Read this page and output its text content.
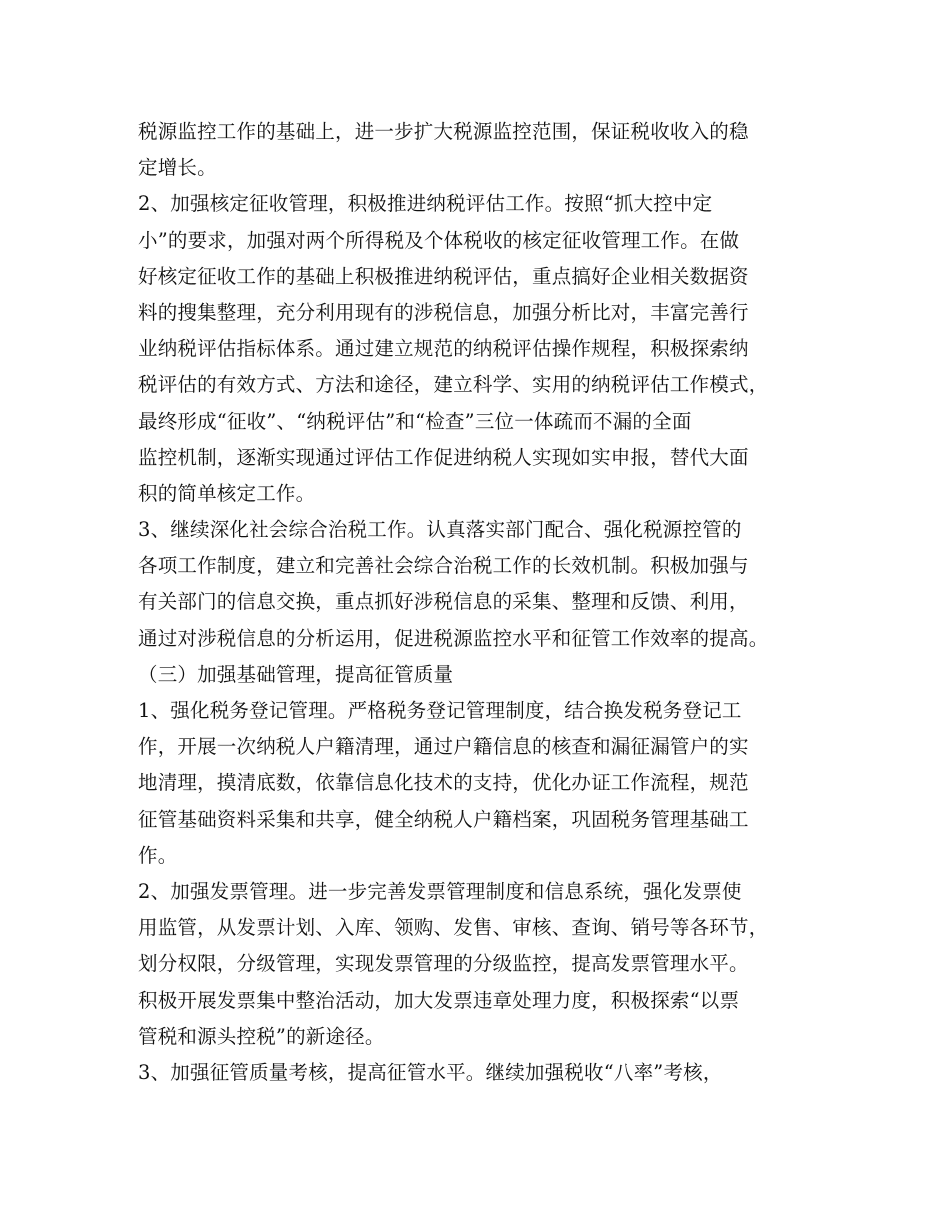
税源监控工作的基础上，进一步扩大税源监控范围，保证税收收入的稳
定增长。
2、加强核定征收管理，积极推进纳税评估工作。按照“抓大控中定
小”的要求，加强对两个所得税及个体税收的核定征收管理工作。在做
好核定征收工作的基础上积极推进纳税评估，重点搞好企业相关数据资
料的搜集整理，充分利用现有的涉税信息，加强分析比对，丰富完善行
业纳税评估指标体系。通过建立规范的纳税评估操作规程，积极探索纳
税评估的有效方式、方法和途径，建立科学、实用的纳税评估工作模式，
最终形成“征收”、“纳税评估”和“检查”三位一体疏而不漏的全面
监控机制，逐渐实现通过评估工作促进纳税人实现如实申报，替代大面
积的简单核定工作。
3、继续深化社会综合治税工作。认真落实部门配合、强化税源控管的
各项工作制度，建立和完善社会综合治税工作的长效机制。积极加强与
有关部门的信息交换，重点抓好涉税信息的采集、整理和反馈、利用，
通过对涉税信息的分析运用，促进税源监控水平和征管工作效率的提高。
（三）加强基础管理，提高征管质量
1、强化税务登记管理。严格税务登记管理制度，结合换发税务登记工
作，开展一次纳税人户籍清理，通过户籍信息的核查和漏征漏管户的实
地清理，摸清底数，依靠信息化技术的支持，优化办证工作流程，规范
征管基础资料采集和共享，健全纳税人户籍档案，巩固税务管理基础工
作。
2、加强发票管理。进一步完善发票管理制度和信息系统，强化发票使
用监管，从发票计划、入库、领购、发售、审核、查询、销号等各环节，
划分权限，分级管理，实现发票管理的分级监控，提高发票管理水平。
积极开展发票集中整治活动，加大发票违章处理力度，积极探索“以票
管税和源头控税”的新途径。
3、加强征管质量考核，提高征管水平。继续加强税收“八率”考核，
